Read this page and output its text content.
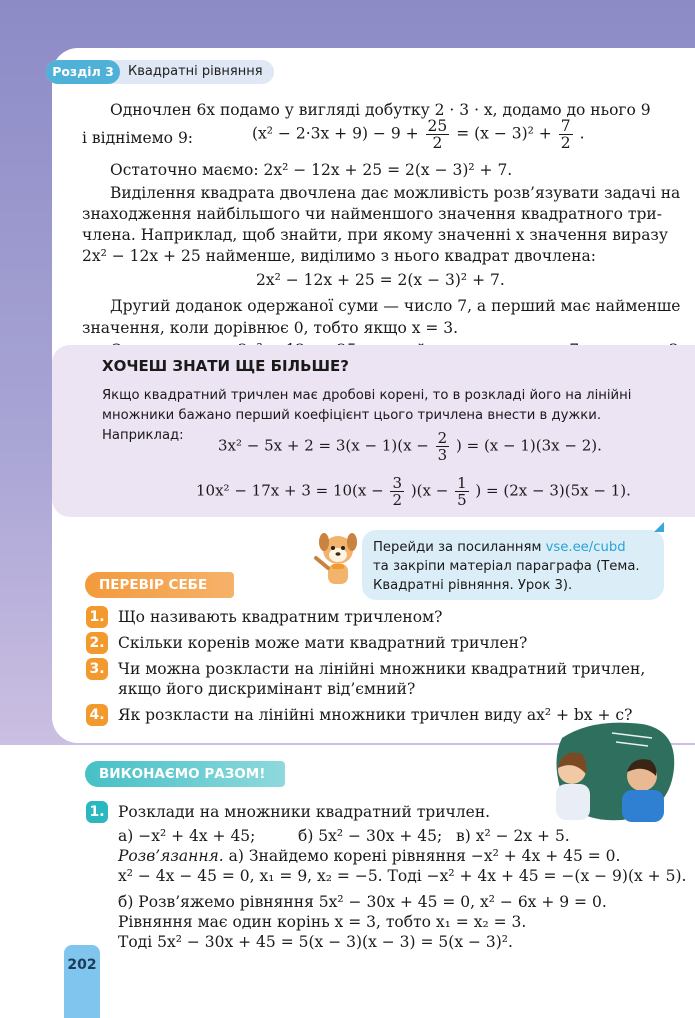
Розділ 3	Квадратні рівняння
Одночлен 6x подамо у вигляді добутку 2 · 3 · x, додамо до нього 9
і віднімемо 9:	$(x^2 - 2\cdot 3x + 9) - 9 + \frac{25}{2} = (x - 3)^2 + \frac{7}{2}$ .
Остаточно маємо: 2x² − 12x + 25 = 2(x − 3)² + 7.
Виділення квадрата двочлена дає можливість розв’язувати задачі на
знаходження найбільшого чи найменшого значення квадратного три-
члена. Наприклад, щоб знайти, при якому значенні x значення виразу
2x² − 12x + 25 найменше, виділимо з нього квадрат двочлена:
2x² − 12x + 25 = 2(x − 3)² + 7.
Другий доданок одержаної суми — число 7, а перший має найменше
значення, коли дорівнює 0, тобто якщо x = 3.
ХОЧЕШ ЗНАТИ ЩЕ БІЛЬШЕ?
Якщо квадратний тричлен має дробові корені, то в розкладі його на лінійні множники бажано перший коефіцієнт цього тричлена внести в дужки. Наприклад:
$3x^2 - 5x + 2 = 3(x - 1)(x - \frac{2}{3}$ ) = (x − 1)(3x − 2).
$10x^2 - 17x + 3 = 10(x - \frac{3}{2} )(x - \frac{1}{5}$ ) = (2x − 3)(5x − 1).
Перейди за посиланням vse.ee/cubd
та закріпи матеріал параграфа (Тема. Квадратні рівняння. Урок 3).
ПЕРЕВІР СЕБЕ
1. Що називають квадратним тричленом?
2. Скільки коренів може мати квадратний тричлен?
3. Чи можна розкласти на лінійні множники квадратний тричлен,
якщо його дискримінант від’ємний?
4. Як розкласти на лінійні множники тричлен виду ax² + bx + c?
ВИКОНАЄМО РАЗОМ!
1. Розклади на множники квадратний тричлен.
а) −x² + 4x + 45;	б) 5x² − 30x + 45; в) x² − 2x + 5.
Розв’язання. а) Знайдемо корені рівняння −x² + 4x + 45 = 0.
x² − 4x − 45 = 0, x₁ = 9, x₂ = −5. Тоді −x² + 4x + 45 = −(x − 9)(x + 5).
б) Розв’яжемо рівняння 5x² − 30x + 45 = 0, x² − 6x + 9 = 0.
Рівняння має один корінь x = 3, тобто x₁ = x₂ = 3.
Тоді 5x² − 30x + 45 = 5(x − 3)(x − 3) = 5(x − 3)².
202
